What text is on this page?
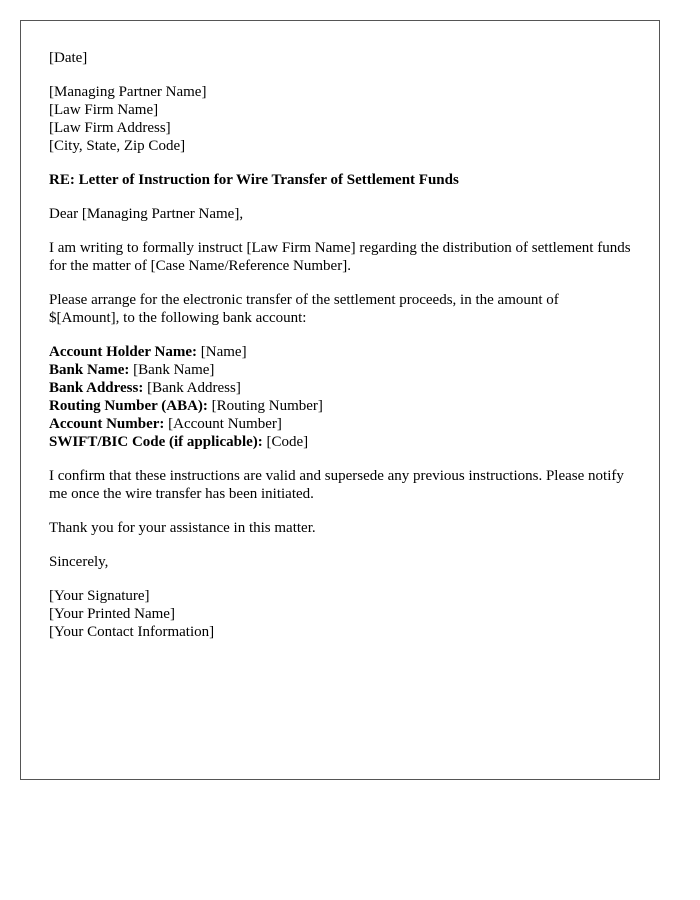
[Date]
[Managing Partner Name]
[Law Firm Name]
[Law Firm Address]
[City, State, Zip Code]
RE: Letter of Instruction for Wire Transfer of Settlement Funds
Dear [Managing Partner Name],
I am writing to formally instruct [Law Firm Name] regarding the distribution of settlement funds for the matter of [Case Name/Reference Number].
Please arrange for the electronic transfer of the settlement proceeds, in the amount of $[Amount], to the following bank account:
Account Holder Name: [Name]
Bank Name: [Bank Name]
Bank Address: [Bank Address]
Routing Number (ABA): [Routing Number]
Account Number: [Account Number]
SWIFT/BIC Code (if applicable): [Code]
I confirm that these instructions are valid and supersede any previous instructions. Please notify me once the wire transfer has been initiated.
Thank you for your assistance in this matter.
Sincerely,
[Your Signature]
[Your Printed Name]
[Your Contact Information]
